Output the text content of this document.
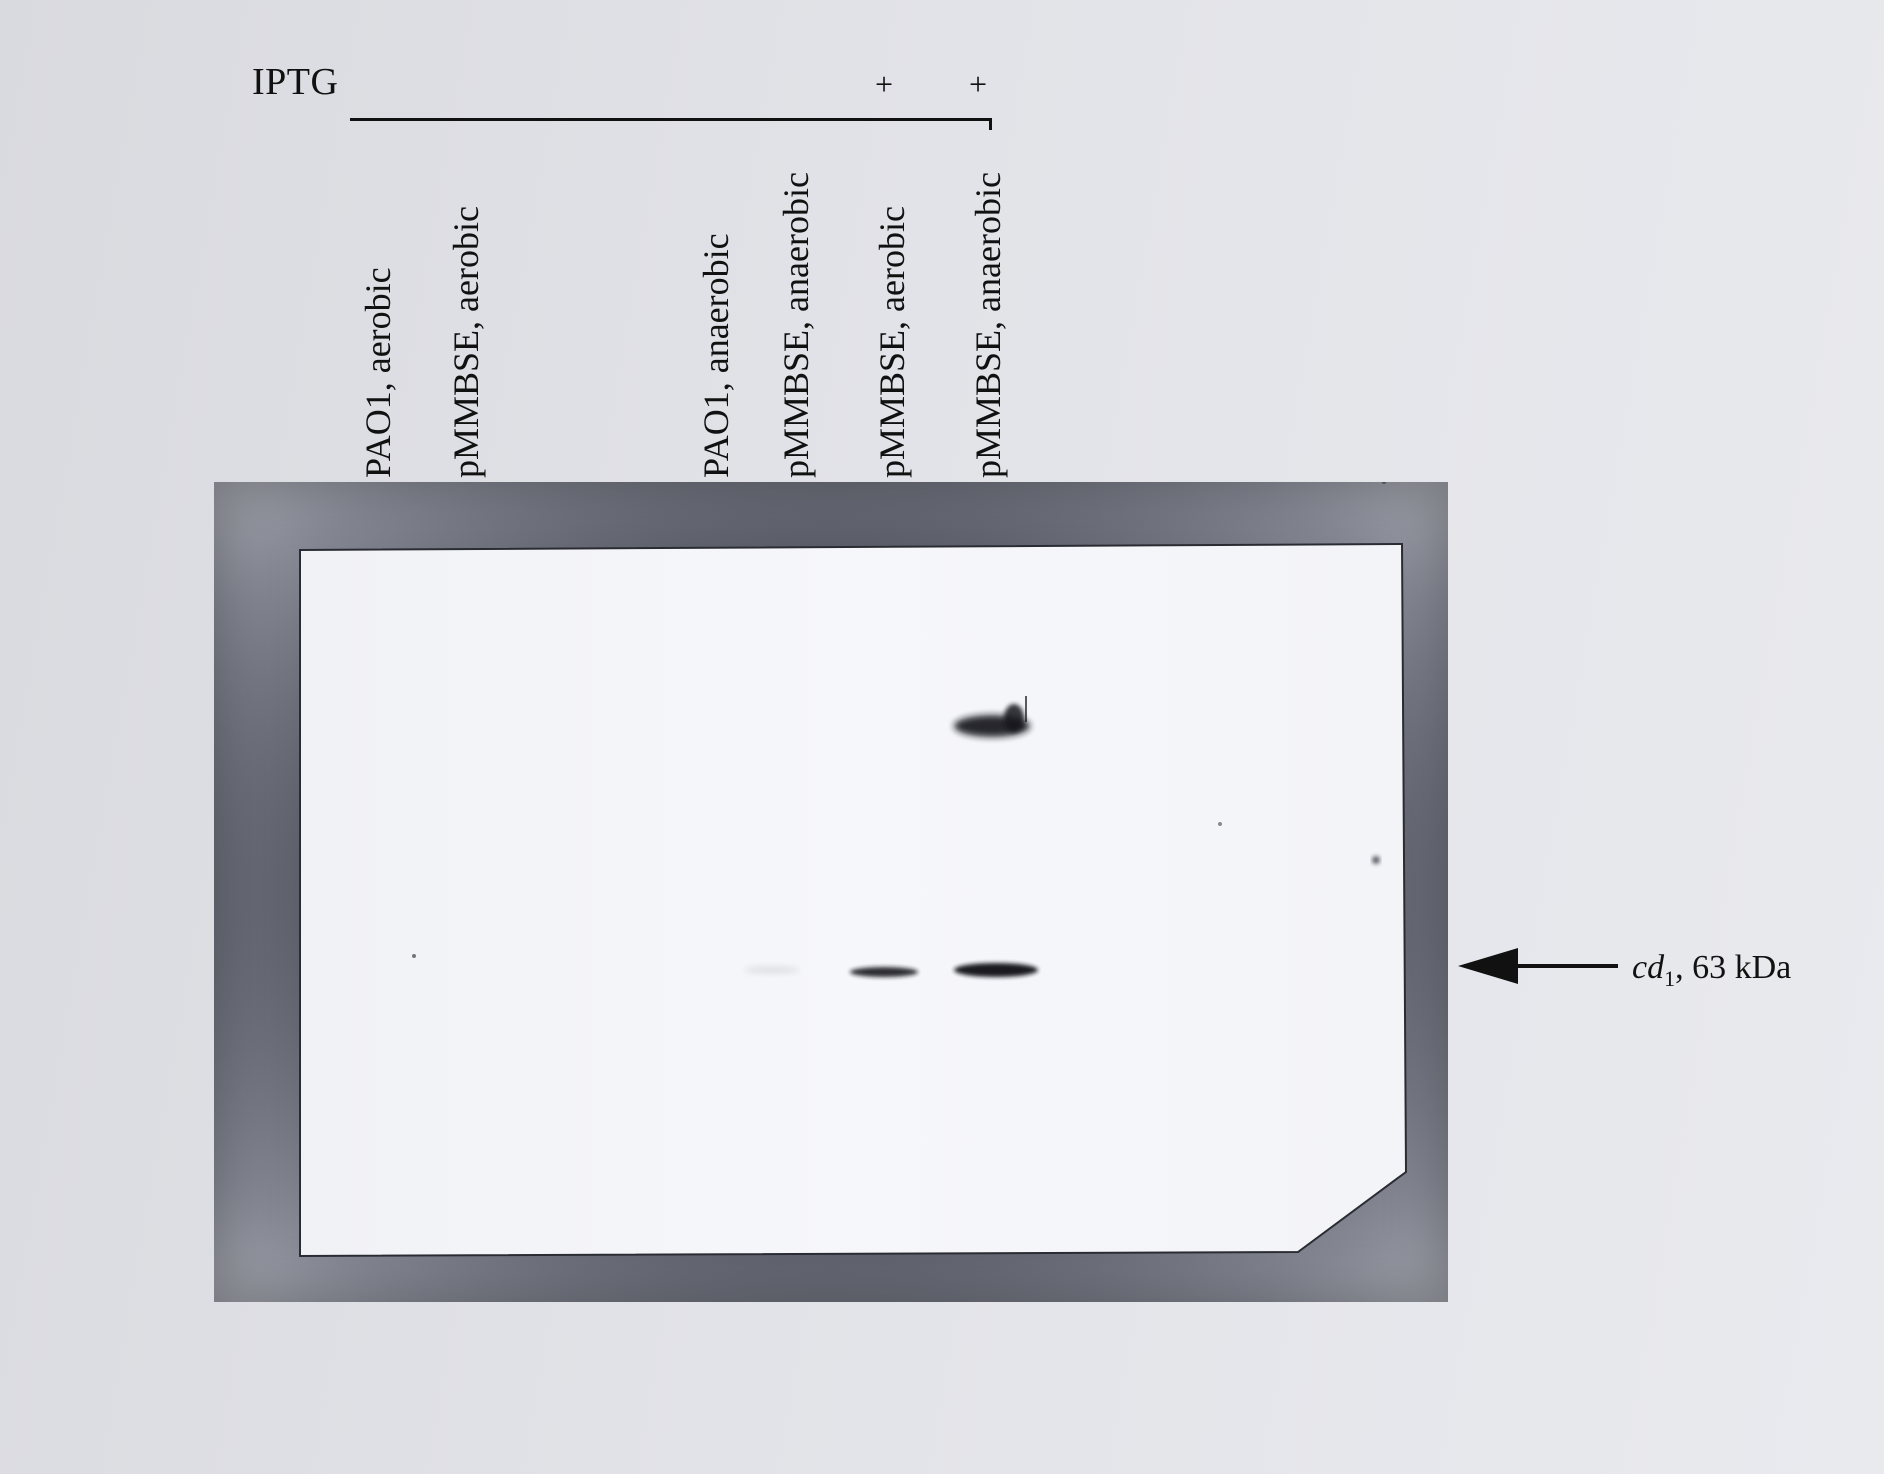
IPTG	+	+
PAO1, aerobic pMMBSE, aerobic	PAO1, anaerobic pMMBSE, anaerobic pMMBSE, aerobic pMMBSE, anaerobic
$cd_1$, 63 kDa
